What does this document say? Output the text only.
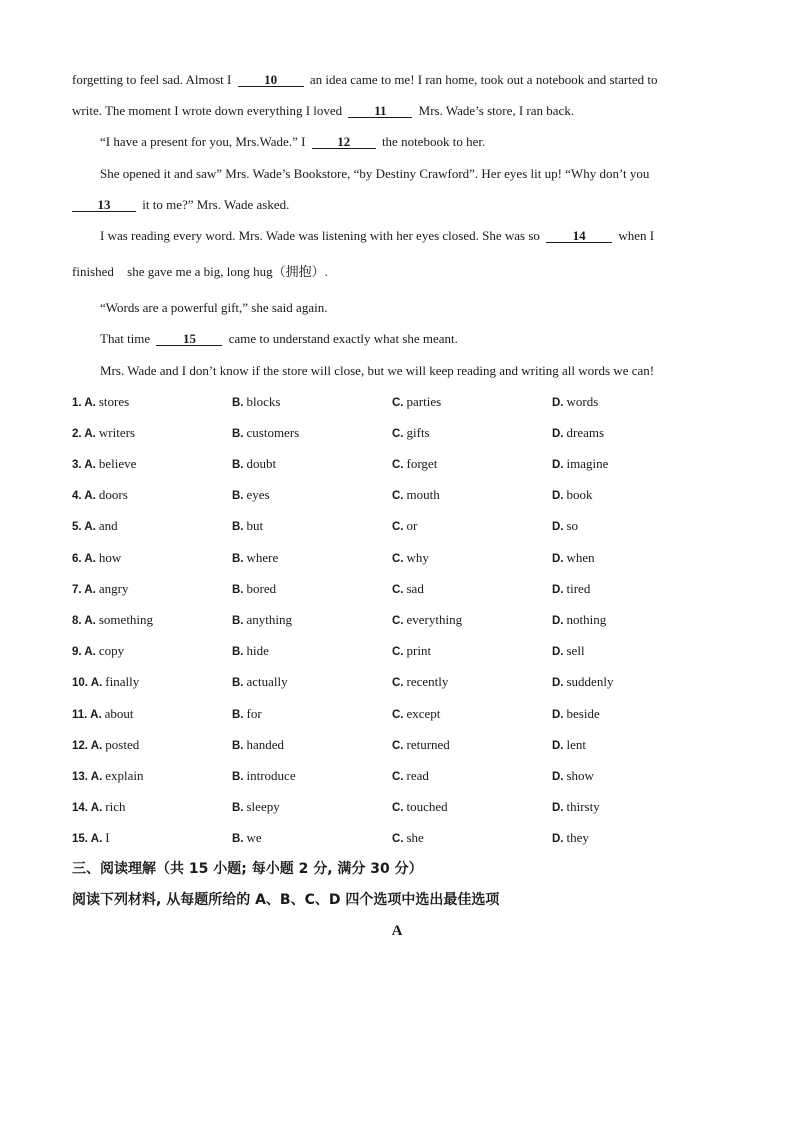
forgetting to feel sad. Almost I 10 an idea came to me! I ran home, took out a notebook and started to
write. The moment I wrote down everything I loved 11 Mrs. Wade’s store, I ran back.
“I have a present for you, Mrs.Wade.” I 12 the notebook to her.
She opened it and saw” Mrs. Wade’s Bookstore, “by Destiny Crawford”. Her eyes lit up! “Why don’t you
13 it to me?” Mrs. Wade asked.
I was reading every word. Mrs. Wade was listening with her eyes closed. She was so 14 when I
finished she gave me a big, long hug（拥抱）.
“Words are a powerful gift,” she said again.
That time 15 came to understand exactly what she meant.
Mrs. Wade and I don’t know if the store will close, but we will keep reading and writing all words we can!
1. A. stores	B. blocks	C. parties	D. words
2. A. writers	B. customers	C. gifts	D. dreams
3. A. believe	B. doubt	C. forget	D. imagine
4. A. doors	B. eyes	C. mouth	D. book
5. A. and	B. but	C. or	D. so
6. A. how	B. where	C. why	D. when
7. A. angry	B. bored	C. sad	D. tired
8. A. something	B. anything	C. everything	D. nothing
9. A. copy	B. hide	C. print	D. sell
10. A. finally	B. actually	C. recently	D. suddenly
11. A. about	B. for	C. except	D. beside
12. A. posted	B. handed	C. returned	D. lent
13. A. explain	B. introduce	C. read	D. show
14. A. rich	B. sleepy	C. touched	D. thirsty
15. A. I	B. we	C. she	D. they
三、阅读理解（共 15 小题; 每小题 2 分, 满分 30 分）
阅读下列材料, 从每题所给的 A、B、C、D 四个选项中选出最佳选项
A
